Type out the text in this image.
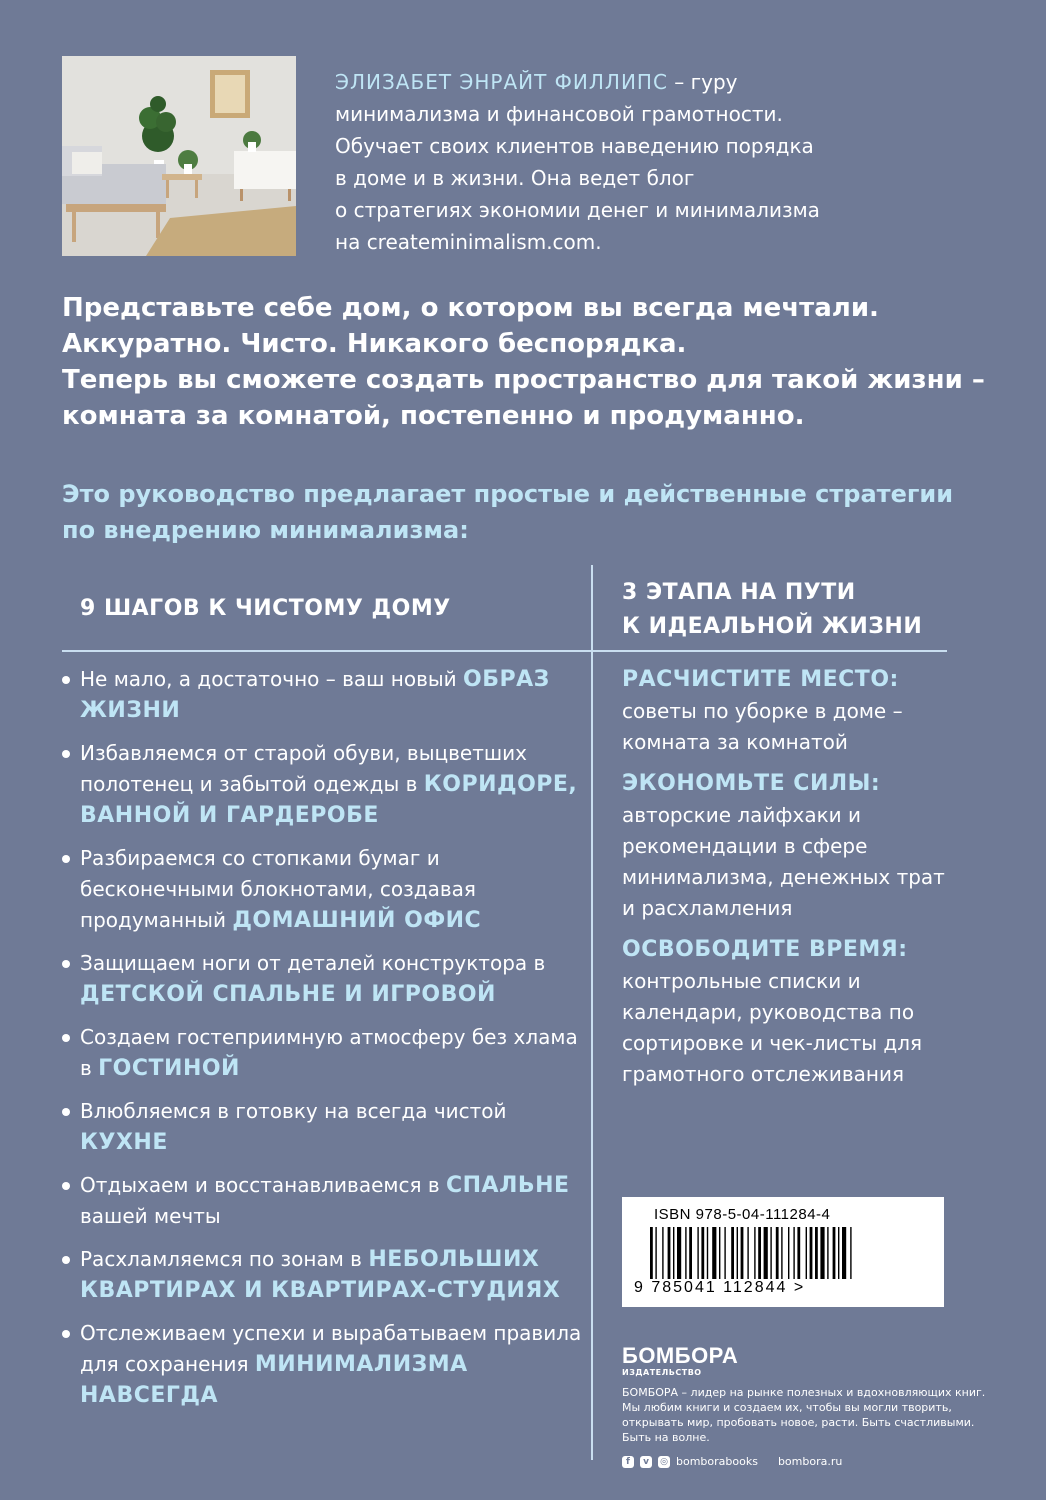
ЭЛИЗАБЕТ ЭНРАЙТ ФИЛЛИПС – гуру
минимализма и финансовой грамотности.
Обучает своих клиентов наведению порядка
в доме и в жизни. Она ведет блог
о стратегиях экономии денег и минимализма
на createminimalism.com.
Представьте себе дом, о котором вы всегда мечтали.
Аккуратно. Чисто. Никакого беспорядка.
Теперь вы сможете создать пространство для такой жизни –
комната за комнатой, постепенно и продуманно.
Это руководство предлагает простые и действенные стратегии
по внедрению минимализма:
9 ШАГОВ К ЧИСТОМУ ДОМУ
3 ЭТАПА НА ПУТИ
К ИДЕАЛЬНОЙ ЖИЗНИ
Не мало, а достаточно – ваш новый ОБРАЗ ЖИЗНИ
Избавляемся от старой обуви, выцветших полотенец и забытой одежды в КОРИДОРЕ, ВАННОЙ И ГАРДЕРОБЕ
Разбираемся со стопками бумаг и бесконечными блокнотами, создавая продуманный ДОМАШНИЙ ОФИС
Защищаем ноги от деталей конструктора в ДЕТСКОЙ СПАЛЬНЕ И ИГРОВОЙ
Создаем гостеприимную атмосферу без хлама в ГОСТИНОЙ
Влюбляемся в готовку на всегда чистой КУХНЕ
Отдыхаем и восстанавливаемся в СПАЛЬНЕ вашей мечты
Расхламляемся по зонам в НЕБОЛЬШИХ КВАРТИРАХ И КВАРТИРАХ-СТУДИЯХ
Отслеживаем успехи и вырабатываем правила для сохранения МИНИМАЛИЗМА НАВСЕГДА
РАСЧИСТИТЕ МЕСТО:
советы по уборке в доме – комната за комнатой
ЭКОНОМЬТЕ СИЛЫ:
авторские лайфхаки и рекомендации в сфере минимализма, денежных трат и расхламления
ОСВОБОДИТЕ ВРЕМЯ:
контрольные списки и календари, руководства по сортировке и чек-листы для грамотного отслеживания
ISBN 978-5-04-111284-4
9 785041 112844 >
БОМБОРА
ИЗДАТЕЛЬСТВО
БОМБОРА – лидер на рынке полезных и вдохновляющих книг. Мы любим книги и создаем их, чтобы вы могли творить, открывать мир, пробовать новое, расти. Быть счастливыми. Быть на волне.
f	v	◎ bomborabooks bombora.ru
